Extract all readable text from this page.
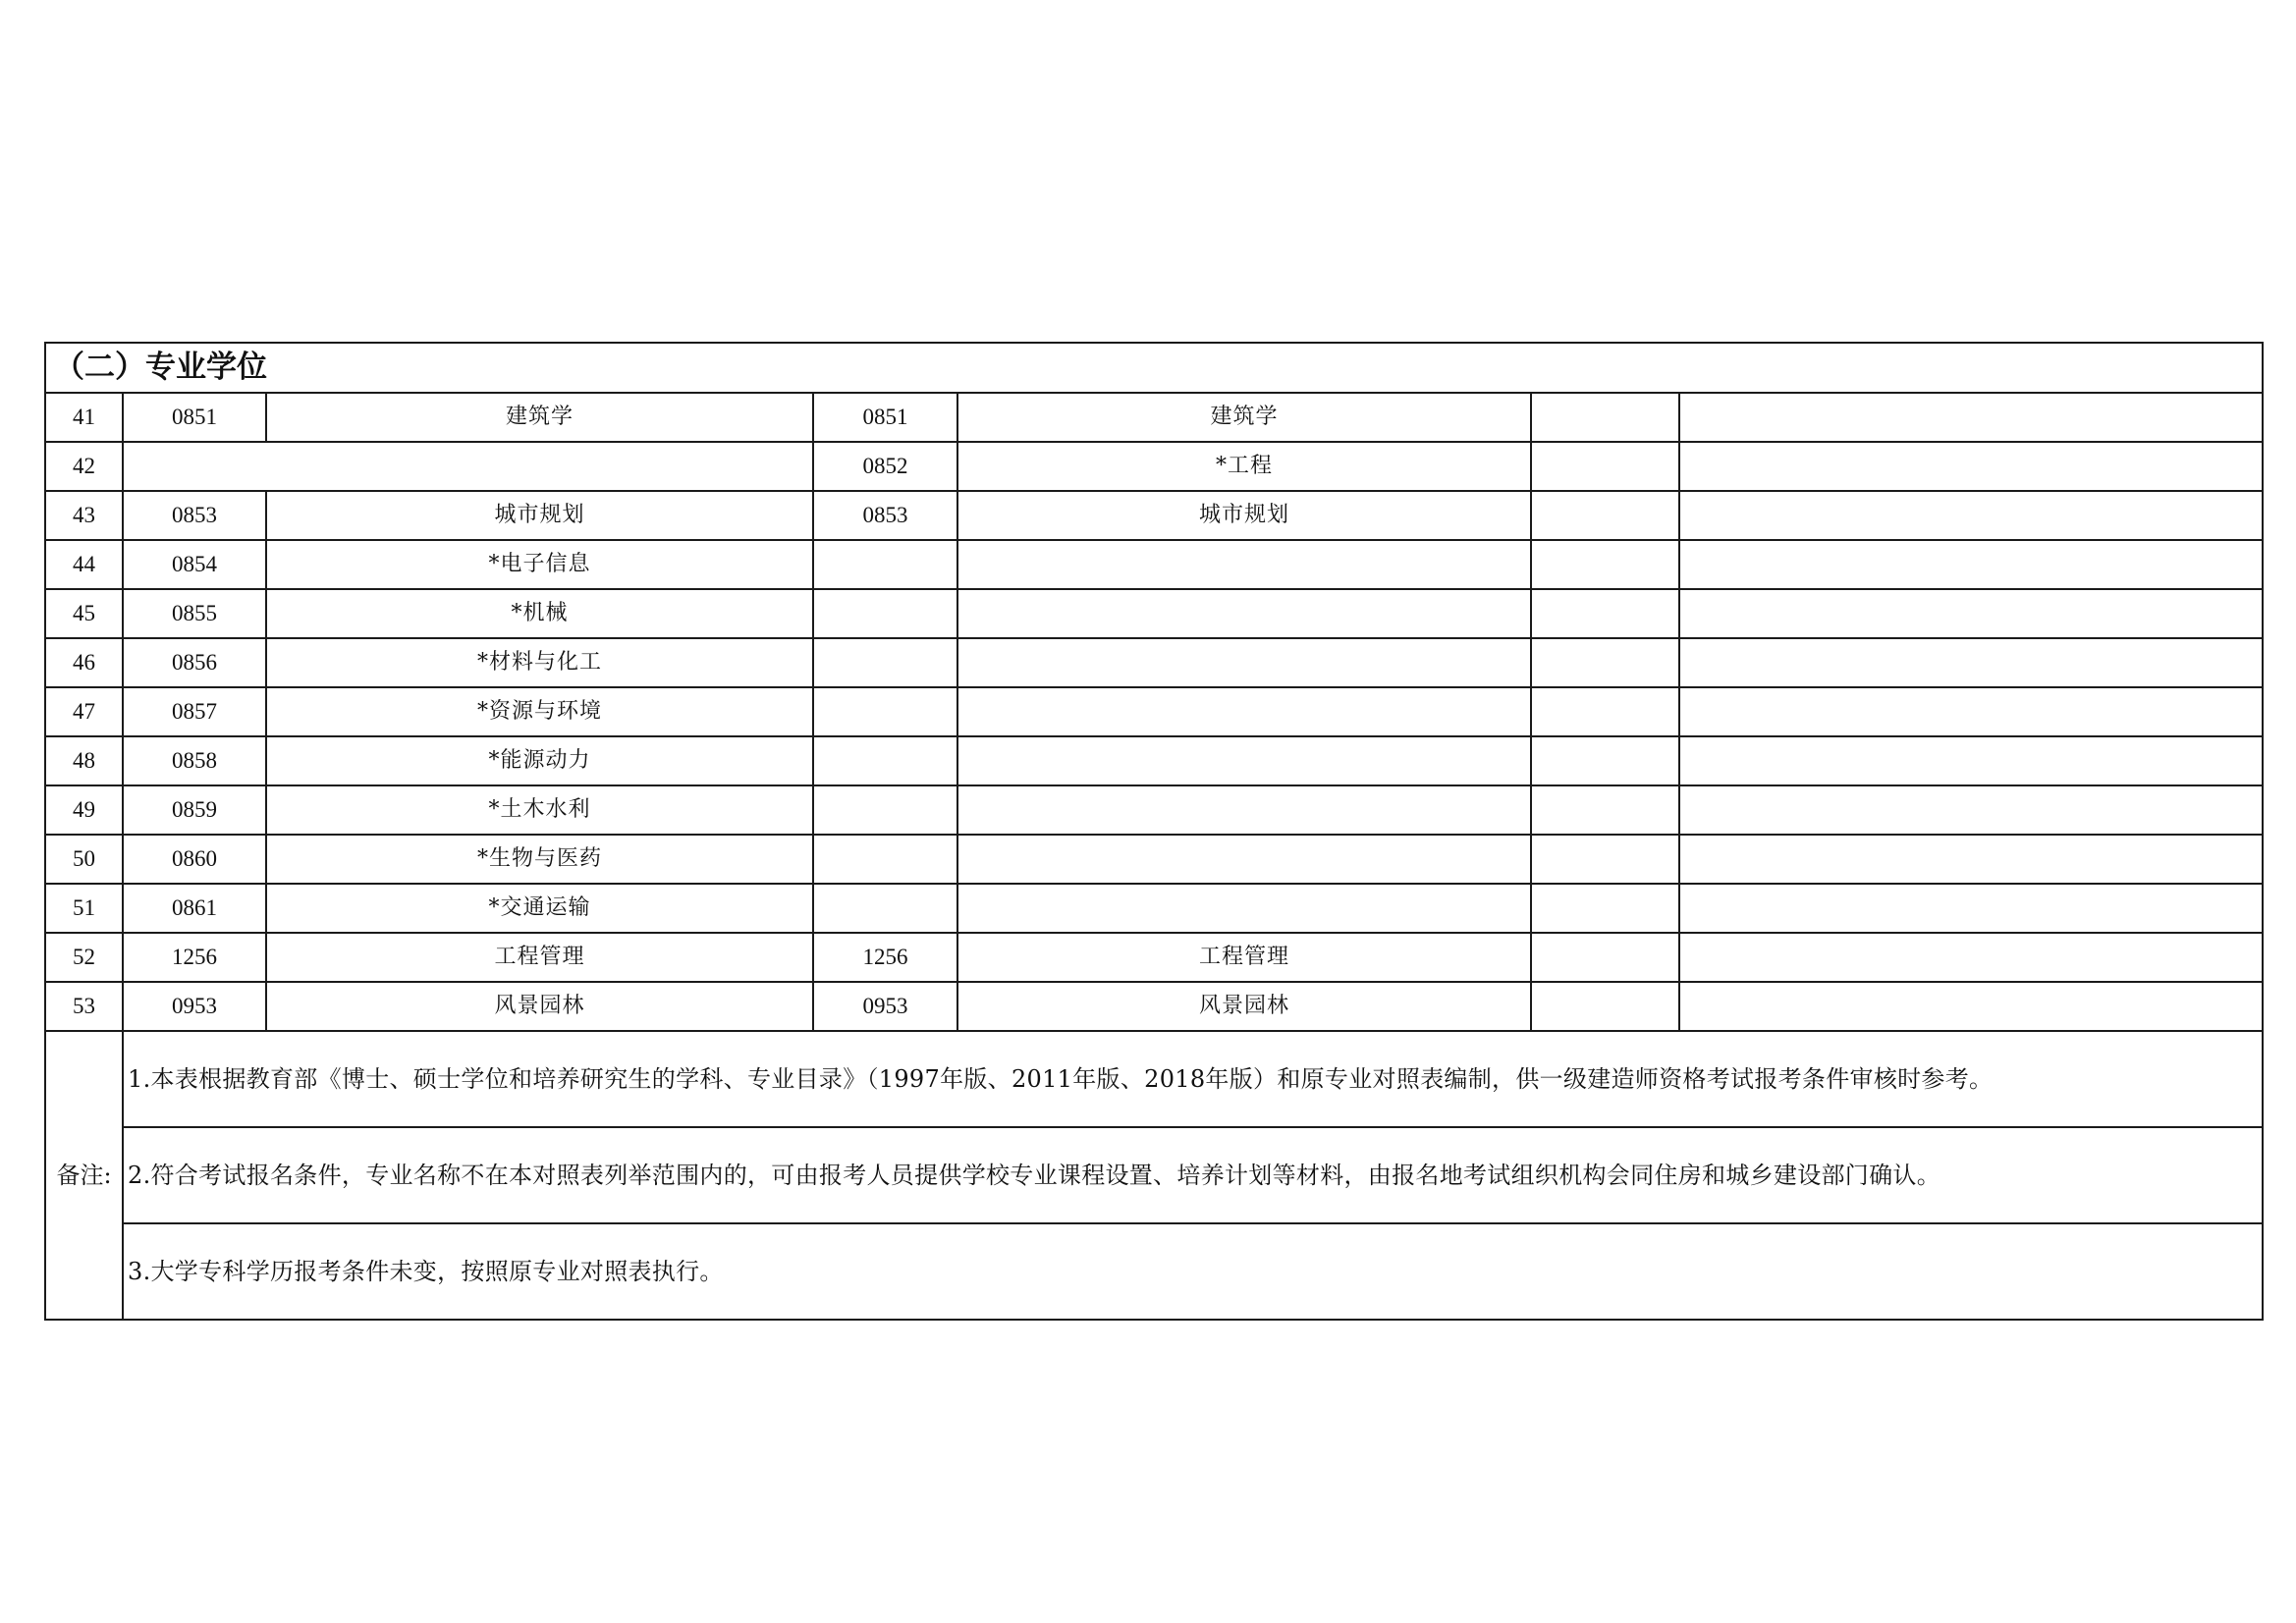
（二）专业学位						
41	0851	建筑学	0851	建筑学		
42			0852	*工程		
43	0853	城市规划	0853	城市规划		
44	0854	*电子信息				
45	0855	*机械				
46	0856	*材料与化工				
47	0857	*资源与环境				
48	0858	*能源动力				
49	0859	*土木水利				
50	0860	*生物与医药				
51	0861	*交通运输				
52	1256	工程管理	1256	工程管理		
53	0953	风景园林	0953	风景园林		
备注:	1.本表根据教育部《博士、硕士学位和培养研究生的学科、专业目录》（1997年版、2011年版、2018年版）和原专业对照表编制，供一级建造师资格考试报考条件审核时参考。					
	2.符合考试报名条件，专业名称不在本对照表列举范围内的，可由报考人员提供学校专业课程设置、培养计划等材料，由报名地考试组织机构会同住房和城乡建设部门确认。					
	3.大学专科学历报考条件未变，按照原专业对照表执行。					
